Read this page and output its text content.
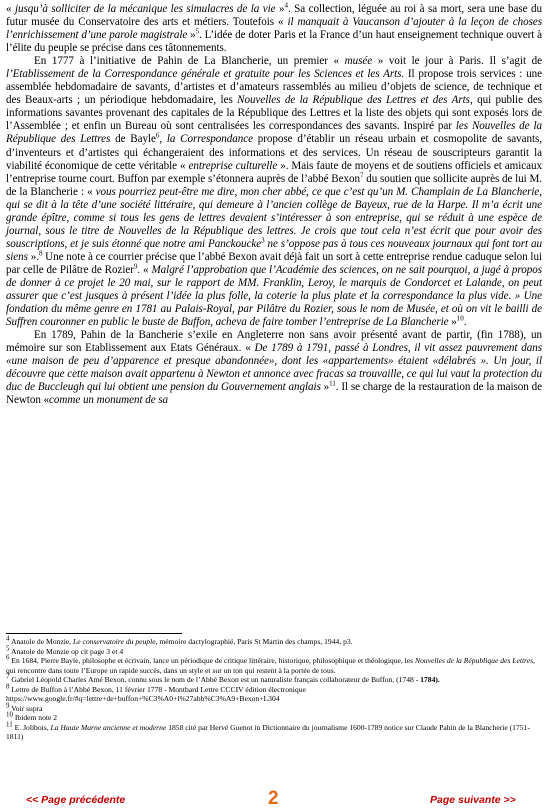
« jusqu’à solliciter de la mécanique les simulacres de la vie »$^4$. Sa collection, léguée au roi à sa mort, sera une base du futur musée du Conservatoire des arts et métiers. Toutefois « il manquait à Vaucanson d’ajouter à la leçon de choses l’enrichissement d’une parole magistrale »$^5$. L’idée de doter Paris et la France d’un haut enseignement technique ouvert à l’élite du peuple se précise dans ces tâtonnements.

En 1777 à l’initiative de Pahin de La Blancherie, un premier « musée » voit le jour à Paris. Il s’agit de l’Etablissement de la Correspondance générale et gratuite pour les Sciences et les Arts. Il propose trois services : une assemblée hebdomadaire de savants, d’artistes et d’amateurs rassemblés au milieu d’objets de science, de technique et des Beaux-arts ; un périodique hebdomadaire, les Nouvelles de la République des Lettres et des Arts, qui publie des informations savantes provenant des capitales de la République des Lettres et la liste des objets qui sont exposés lors de l’Assemblée ; et enfin un Bureau où sont centralisées les correspondances des savants. Inspiré par les Nouvelles de la République des Lettres de Bayle$^6$, la Correspondance propose d’établir un réseau urbain et cosmopolite de savants, d’inventeurs et d’artistes qui échangeraient des informations et des services. Un réseau de souscripteurs garantit la viabilité économique de cette véritable « entreprise culturelle ». Mais faute de moyens et de soutiens officiels et amicaux l’entreprise tourne court. Buffon par exemple s’étonnera auprès de l’abbé Bexon$^7$ du soutien que sollicite auprès de lui M. de la Blancherie : « vous pourriez peut-être me dire, mon cher abbé, ce que c’est qu’un M. Champlain de La Blancherie, qui se dit à la tête d’une société littéraire, qui demeure à l’ancien collège de Bayeux, rue de la Harpe. Il m’a écrit une grande épître, comme si tous les gens de lettres devaient s’intéresser à son entreprise, qui se réduit à une espèce de journal, sous le titre de Nouvelles de la République des lettres. Je crois que tout cela n’est écrit que pour avoir des souscriptions, et je suis étonné que notre ami Panckoucke$^3$ ne s’oppose pas à tous ces nouveaux journaux qui font tort au siens ».$^8$ Une note à ce courrier précise que l’abbé Bexon avait déjà fait un sort à cette entreprise rendue caduque selon lui par celle de Pilâtre de Rozier$^9$. « Malgré l’approbation que l’Académie des sciences, on ne sait pourquoi, a jugé à propos de donner à ce projet le 20 mai, sur le rapport de MM. Franklin, Leroy, le marquis de Condorcet et Lalande, on peut assurer que c’est jusques à présent l’idée la plus folle, la coterie la plus plate et la correspondance la plus vide. » Une fondation du même genre en 1781 au Palais-Royal, par Pilâtre du Rozier, sous le nom de Musée, et où on vit le bailli de Suffren couronner en public le buste de Buffon, acheva de faire tomber l’entreprise de La Blancherie »$^{10}$.

En 1789, Pahin de la Bancherie s’exile en Angleterre non sans avoir présenté avant de partir, (fin 1788), un mémoire sur son Etablissement aux Etats Généraux. « De 1789 à 1791, passé à Londres, il vit assez pauvrement dans «une maison de peu d’apparence et presque abandonnée», dont les «appartements» étaient «délabrés ». Un jour, il découvre que cette maison avait appartenu à Newton et annonce avec fracas sa trouvaille, ce qui lui vaut la protection du duc de Buccleugh qui lui obtient une pension du Gouvernement anglais »$^{11}$. Il se charge de la restauration de la maison de Newton «comme un monument de sa

$^4$ Anatole de Monzie, Le conservatoire du peuple, mémoire dactylographié, Paris St Martin des champs, 1944, p3.

$^5$ Anatole de Monzie op cit page 3 et 4

$^6$ En 1684, Pierre Bayle, philosophe et écrivain, lance un périodique de critique littéraire, historique, philosophique et théologique, les Nouvelles de la République des Lettres, qui rencontre dans toute l’Europe un rapide succès, dans un style et sur un ton qui restent à la portée de tous.

$^7$ Gabriel Léopold Charles Amé Bexon, connu sous le nom de l’Abbé Bexon est un naturaliste français collaborateur de Buffon, (1748 - 1784).

$^8$ Lettre de Buffon à l’Abbé Bexon, 11 février 1778 - Montbard Lettre CCCIV édition électronique https://www.google.fr/#q=lettre+de+buffon+%C3%A0+l%27abb%C3%A9+Bexon+L304

$^9$ Voir supra

$^{10}$ Ibidem note 2

$^{11}$ E. Jolibois, La Haute Marne ancienne et moderne 1858 cité par Hervé Guenot in Dictionnaire du journalisme 1600-1789 notice sur Claude Pahin de la Blancherie (1751-1811)

<< Page précédente	2	Page suivante >>
